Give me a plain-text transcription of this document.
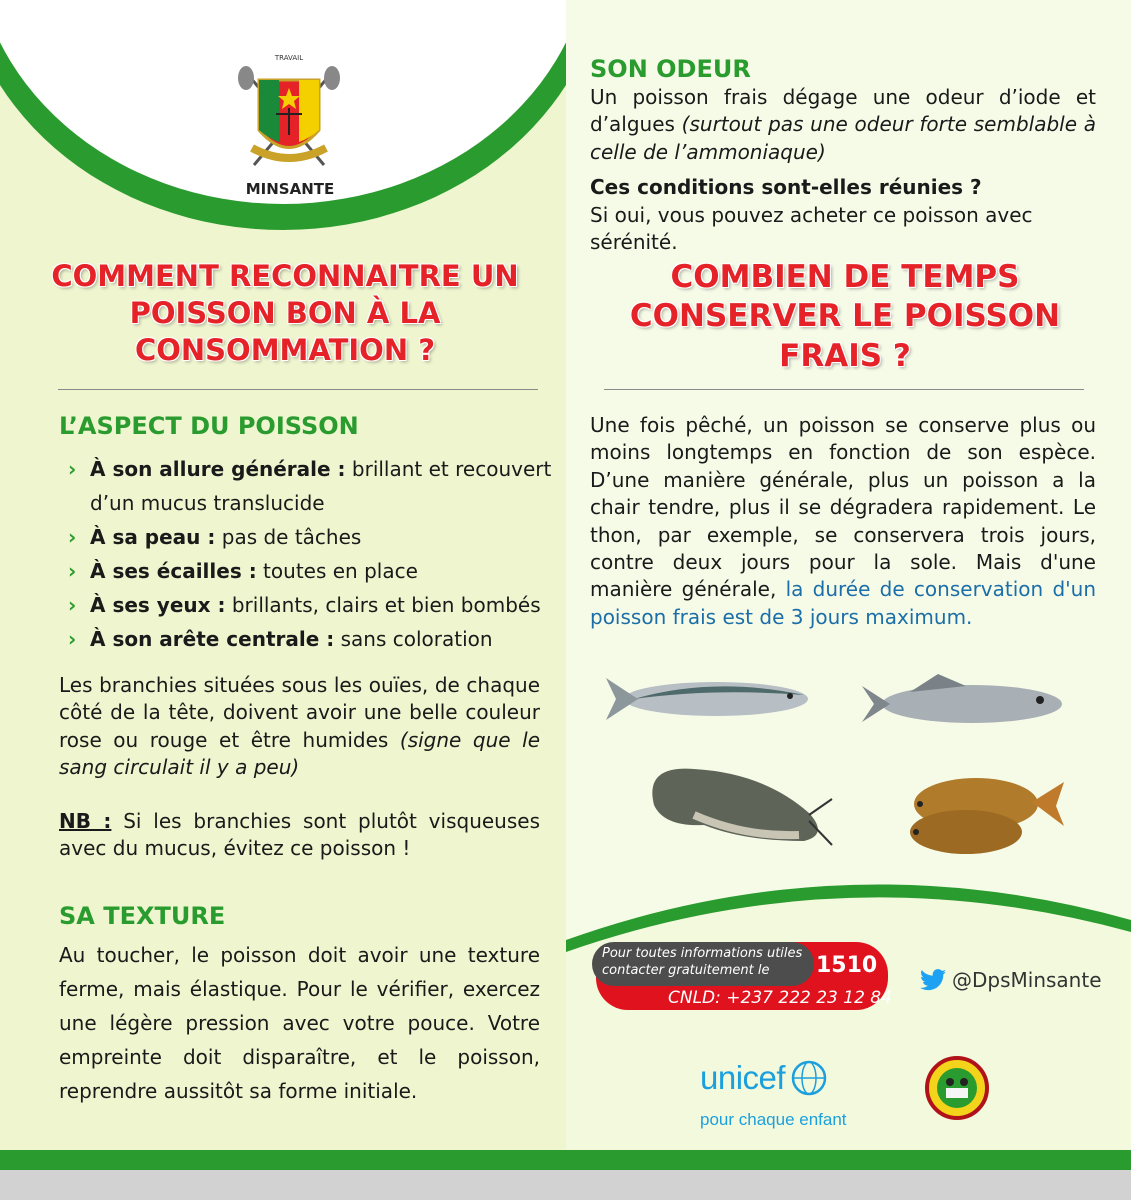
TRAVAIL
MINSANTE
COMMENT RECONNAITRE UN POISSON BON À LA CONSOMMATION ?
L’ASPECT DU POISSON
› À son allure générale : brillant et recouvert d’un mucus translucide
› À sa peau : pas de tâches
› À ses écailles : toutes en place
› À ses yeux : brillants, clairs et bien bombés
› À son arête centrale : sans coloration
Les branchies situées sous les ouïes, de chaque côté de la tête, doivent avoir une belle couleur rose ou rouge et être humides (signe que le sang circulait il y a peu)
NB : Si les branchies sont plutôt visqueuses avec du mucus, évitez ce poisson !
SA TEXTURE
Au toucher, le poisson doit avoir une texture ferme, mais élastique. Pour le vérifier, exercez une légère pression avec votre pouce. Votre empreinte doit disparaître, et le poisson, reprendre aussitôt sa forme initiale.
SON ODEUR
Un poisson frais dégage une odeur d’iode et d’algues (surtout pas une odeur forte semblable à celle de l’ammoniaque)
Ces conditions sont-elles réunies ?
Si oui, vous pouvez acheter ce poisson avec sérénité.
COMBIEN DE TEMPS CONSERVER LE POISSON FRAIS ?
Une fois pêché, un poisson se conserve plus ou moins longtemps en fonction de son espèce. D’une manière générale, plus un poisson a la chair tendre, plus il se dégradera rapidement. Le thon, par exemple, se conservera trois jours, contre deux jours pour la sole. Mais d'une manière générale, la durée de conservation d'un poisson frais est de 3 jours maximum.
Pour toutes informations utiles
contacter gratuitement le	1510
CNLD: +237 222 23 12 84
@DpsMinsante
unicef
pour chaque enfant
